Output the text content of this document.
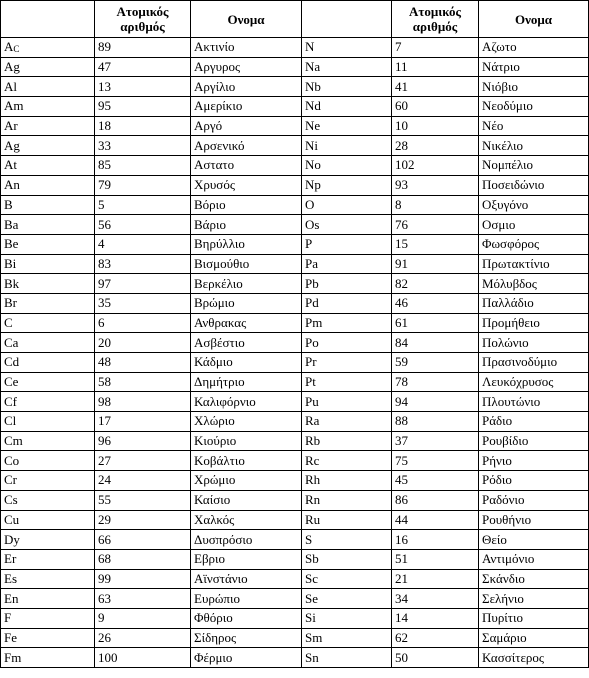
	Ατομικός αριθμός	Ονομα		Ατομικός αριθμός	Ονομα
$A_C$	89	Ακτινίο	N	7	Αζωτο
Ag	47	Αργυρος	Na	11	Νάτριο
Al	13	Αργίλιο	Nb	41	Νιόβιο
Am	95	Αμερίκιο	Nd	60	Νεοδύμιο
Ar	18	Αργό	Ne	10	Νέο
Ag	33	Αρσενικό	Ni	28	Νικέλιο
At	85	Αστατο	No	102	Νομπέλιο
An	79	Χρυσός	Np	93	Ποσειδώνιο
B	5	Βόριο	O	8	Οξυγόνο
Ba	56	Βάριο	Os	76	Οσμιο
Be	4	Βηρύλλιο	P	15	Φωσφόρος
Bi	83	Βισμούθιο	Pa	91	Πρωτακτίνιο
Bk	97	Βερκέλιο	Pb	82	Μόλυβδος
Br	35	Βρώμιο	Pd	46	Παλλάδιο
C	6	Ανθρακας	Pm	61	Προμήθειο
Ca	20	Ασβέστιο	Po	84	Πολώνιο
Cd	48	Κάδμιο	Pr	59	Πρασινοδύμιο
Ce	58	Δημήτριο	Pt	78	Λευκόχρυσος
Cf	98	Καλιφόρνιο	Pu	94	Πλουτώνιο
Cl	17	Χλώριο	Ra	88	Ράδιο
Cm	96	Κιούριο	Rb	37	Ρουβίδιο
Co	27	Κοβάλτιο	Rc	75	Ρήνιο
Cr	24	Χρώμιο	Rh	45	Ρόδιο
Cs	55	Καίσιο	Rn	86	Ραδόνιο
Cu	29	Χαλκός	Ru	44	Ρουθήνιο
Dy	66	Δυσπρόσιο	S	16	Θείο
Er	68	Εβριο	Sb	51	Αντιμόνιο
Es	99	Αϊνστάνιο	Sc	21	Σκάνδιο
En	63	Ευρώπιο	Se	34	Σελήνιο
F	9	Φθόριο	Si	14	Πυρίτιο
Fe	26	Σίδηρος	Sm	62	Σαμάριο
Fm	100	Φέρμιο	Sn	50	Κασσίτερος
